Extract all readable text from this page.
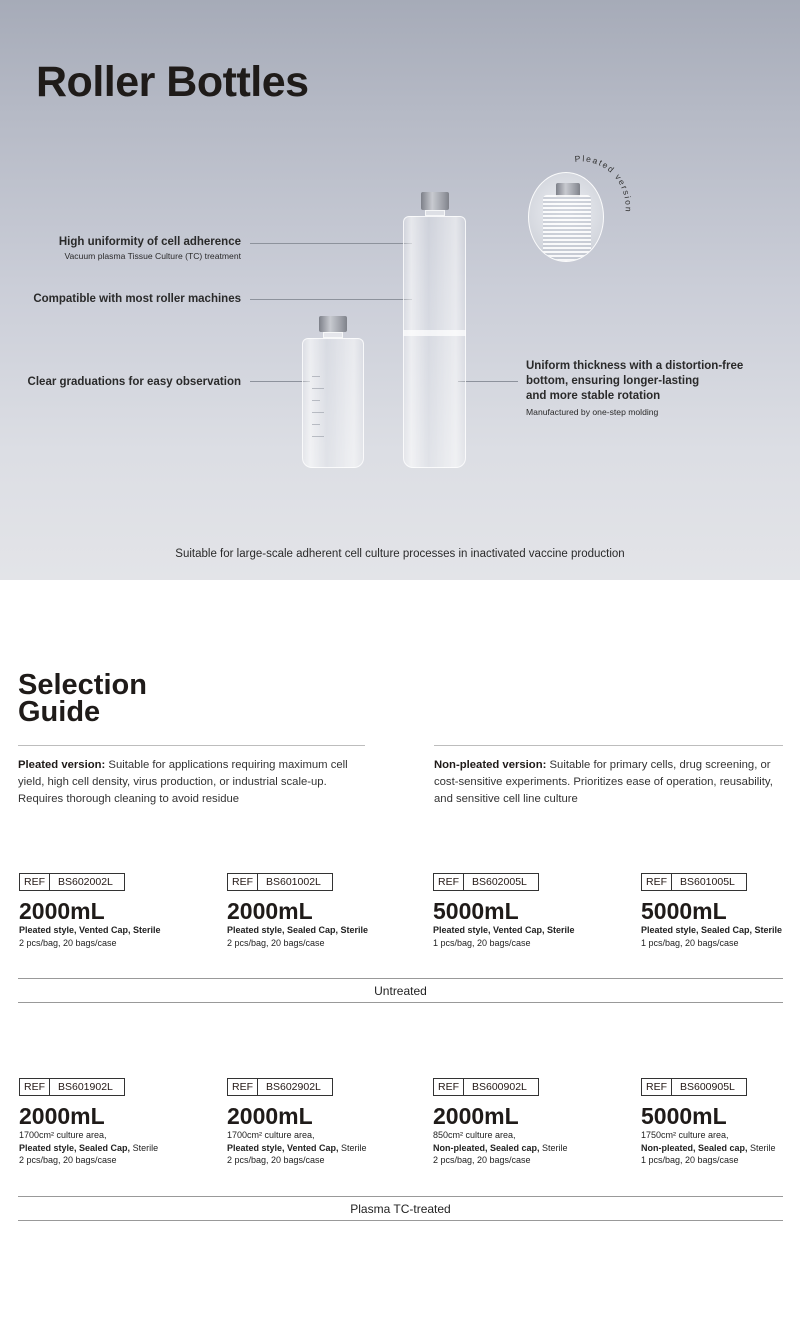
Roller Bottles
High uniformity of cell adherence
Vacuum plasma Tissue Culture (TC) treatment
Compatible with most roller machines
Clear graduations for easy observation
Uniform thickness with a distortion-free
bottom, ensuring longer-lasting
and more stable rotation
Manufactured by one-step molding
Pleated version
Suitable for large-scale adherent cell culture processes in inactivated vaccine production
Selection
Guide

Pleated version: Suitable for applications requiring maximum cell yield, high cell density, virus production, or industrial scale-up. Requires thorough cleaning to avoid residue

Non-pleated version: Suitable for primary cells, drug screening, or cost-sensitive experiments. Prioritizes ease of operation, reusability, and sensitive cell line culture

REF	BS602002L
2000mL
Pleated style, Vented Cap, Sterile
2 pcs/bag, 20 bags/case
REF	BS601002L
2000mL
Pleated style, Sealed Cap, Sterile
2 pcs/bag, 20 bags/case
REF	BS602005L
5000mL
Pleated style, Vented Cap, Sterile
1 pcs/bag, 20 bags/case
REF	BS601005L
5000mL
Pleated style, Sealed Cap, Sterile
1 pcs/bag, 20 bags/case
Untreated
REF	BS601902L
2000mL
1700cm² culture area,
Pleated style, Sealed Cap, Sterile
2 pcs/bag, 20 bags/case
REF	BS602902L
2000mL
1700cm² culture area,
Pleated style, Vented Cap, Sterile
2 pcs/bag, 20 bags/case
REF	BS600902L
2000mL
850cm² culture area,
Non-pleated, Sealed cap, Sterile
2 pcs/bag, 20 bags/case
REF	BS600905L
5000mL
1750cm² culture area,
Non-pleated, Sealed cap, Sterile
1 pcs/bag, 20 bags/case
Plasma TC-treated
